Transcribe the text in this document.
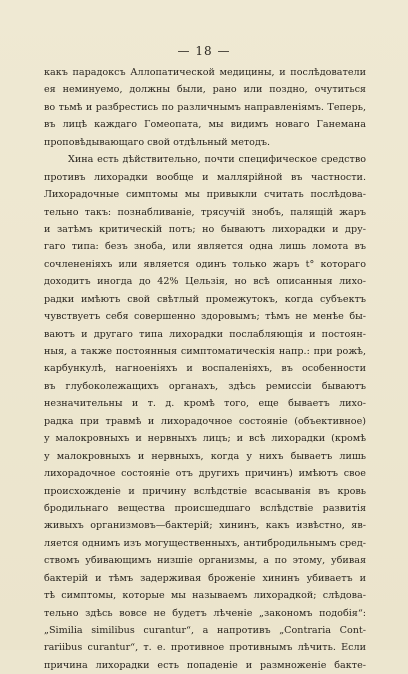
— 18 —
какъ парадоксъ Аллопатической медицины, и послѣдователи
ея неминуемо, должны были, рано или поздно, очутиться
во тьмѣ и разбрестись по различнымъ направленіямъ. Теперь,
въ лицѣ каждаго Гомеопата, мы видимъ новаго Ганемана
проповѣдывающаго свой отдѣльный методъ.
Хина есть дѣйствительно, почти специфическое средство
противъ лихорадки вообще и маллярійной въ частности.
Лихорадочные симптомы мы привыкли считать послѣдова-
тельно такъ: познабливаніе, трясучій знобъ, палящій жаръ
и затѣмъ критическій потъ; но бываютъ лихорадки и дру-
гаго типа: безъ зноба, или является одна лишь ломота въ
сочлененіяхъ или является одинъ только жаръ t° котораго
доходитъ иногда до 42% Цельзія, но всѣ описанныя лихо-
радки имѣютъ свой свѣтлый промежутокъ, когда субъектъ
чувствуетъ себя совершенно здоровымъ; тѣмъ не менѣе бы-
ваютъ и другаго типа лихорадки послабляющія и постоян-
ныя, а также постоянныя симптоматическія напр.: при рожѣ,
карбункулѣ, нагноеніяхъ и воспаленіяхъ, въ особенности
въ глубоколежащихъ органахъ, здѣсь ремиссіи бываютъ
незначительны и т. д. кромѣ того, еще бываетъ лихо-
радка при травмѣ и лихорадочное состояніе (объективное)
у малокровныхъ и нервныхъ лицъ; и всѣ лихорадки (кромѣ
у малокровныхъ и нервныхъ, когда у нихъ бываетъ лишь
лихорадочное состояніе отъ другихъ причинъ) имѣютъ свое
происхожденіе и причину вслѣдствіе всасыванія въ кровь
бродильнаго вещества происшедшаго вслѣдствіе развитія
живыхъ организмовъ—бактерій; хининъ, какъ извѣстно, яв-
ляется однимъ изъ могущественныхъ, антибродильнымъ сред-
ствомъ убивающимъ низшіе организмы, а по этому, убивая
бактерій и тѣмъ задерживая броженіе хининъ убиваетъ и
тѣ симптомы, которые мы называемъ лихорадкой; слѣдова-
тельно здѣсь вовсе не будетъ лѣченіе „закономъ подобія“:
„Similia similibus curantur“, а напротивъ „Contraria Cont-
rariibus curantur“, т. е. противное противнымъ лѣчить. Если
причина лихорадки есть попаденіе и размноженіе бакте-
